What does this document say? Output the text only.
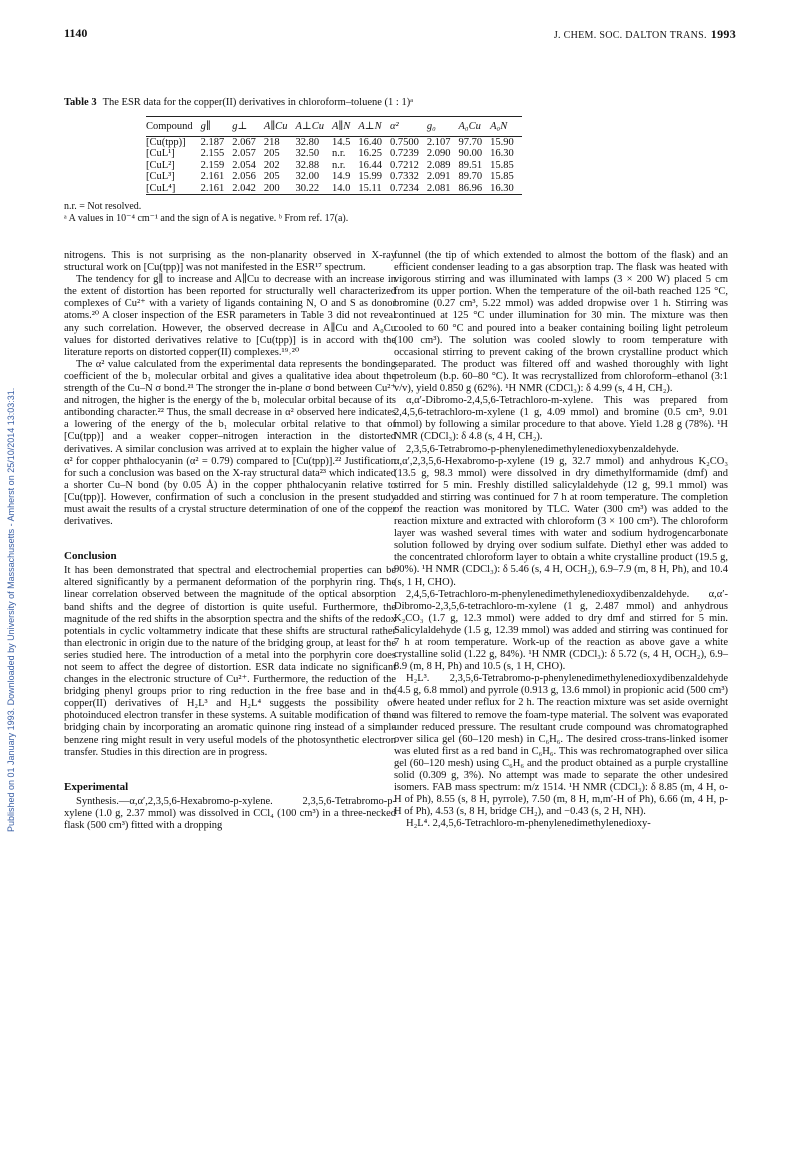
1140	J. CHEM. SOC. DALTON TRANS. 1993
Published on 01 January 1993. Downloaded by University of Massachusetts - Amherst on 25/10/2014 13:03:31.
Table 3 The ESR data for the copper(II) derivatives in chloroform–toluene (1 : 1)ᵃ
Compound	g∥	g⊥	A∥Cu	A⊥Cu	A∥N	A⊥N	α²	g₀	A₀Cu	A₀N
[Cu(tpp)]	2.187	2.067	218	32.80	14.5	16.40	0.7500	2.107	97.70	15.90
[CuL¹]	2.155	2.057	205	32.50	n.r.	16.25	0.7239	2.090	90.00	16.30
[CuL²]	2.159	2.054	202	32.88	n.r.	16.44	0.7212	2.089	89.51	15.85
[CuL³]	2.161	2.056	205	32.00	14.9	15.99	0.7332	2.091	89.70	15.85
[CuL⁴]	2.161	2.042	200	30.22	14.0	15.11	0.7234	2.081	86.96	16.30
n.r. = Not resolved.
ᵃ A values in 10⁻⁴ cm⁻¹ and the sign of A is negative. ᵇ From ref. 17(a).

nitrogens. This is not surprising as the non-planarity observed in X-ray structural work on [Cu(tpp)] was not manifested in the ESR¹⁷ spectrum.

The tendency for g∥ to increase and A∥Cu to decrease with an increase in the extent of distortion has been reported for structurally well characterized complexes of Cu²⁺ with a variety of ligands containing N, O and S as donor atoms.²⁰ A closer inspection of the ESR parameters in Table 3 did not reveal any such correlation. However, the observed decrease in A∥Cu and A₀Cu values for distorted derivatives relative to [Cu(tpp)] is in accord with the literature reports on distorted copper(II) complexes.¹⁹˒²⁰

The α² value calculated from the experimental data represents the bonding coefficient of the b₁ molecular orbital and gives a qualitative idea about the strength of the Cu–N σ bond.²¹ The stronger the in-plane σ bond between Cu²⁺ and nitrogen, the higher is the energy of the b₁ molecular orbital because of its antibonding character.²² Thus, the small decrease in α² observed here indicates a lowering of the energy of the b₁ molecular orbital relative to that of [Cu(tpp)] and a weaker copper–nitrogen interaction in the distorted derivatives. A similar conclusion was arrived at to explain the higher value of α² for copper phthalocyanin (α² = 0.79) compared to [Cu(tpp)].²² Justification for such a conclusion was based on the X-ray structural data²³ which indicated a shorter Cu–N bond (by 0.05 Å) in the copper phthalocyanin relative to [Cu(tpp)]. However, confirmation of such a conclusion in the present study must await the results of a crystal structure determination of one of the copper derivatives.

Conclusion

It has been demonstrated that spectral and electrochemial properties can be altered significantly by a permanent deformation of the porphyrin ring. The linear correlation observed between the magnitude of the optical absorption band shifts and the degree of distortion is quite useful. Furthermore, the magnitude of the red shifts in the absorption spectra and the shifts of the redox potentials in cyclic voltammetry indicate that these shifts are structural rather than electronic in origin due to the nature of the bridging group, at least for the series studied here. The introduction of a metal into the porphyrin core does not seem to affect the degree of distortion. ESR data indicate no significant changes in the electronic structure of Cu²⁺. Furthermore, the reduction of the bridging phenyl groups prior to ring reduction in the free base and in the copper(II) derivatives of H₂L³ and H₂L⁴ suggests the possibility of photoinduced electron transfer in these systems. A suitable modification of the bridging chain by incorporating an aromatic quinone ring instead of a simple benzene ring might result in very useful models of the photosynthetic electron transfer. Studies in this direction are in progress.

Experimental

Synthesis.—α,α′,2,3,5,6-Hexabromo-p-xylene. 2,3,5,6-Tetrabromo-p-xylene (1.0 g, 2.37 mmol) was dissolved in CCl₄ (100 cm³) in a three-necked flask (500 cm³) fitted with a dropping

funnel (the tip of which extended to almost the bottom of the flask) and an efficient condenser leading to a gas absorption trap. The flask was heated with vigorous stirring and was illuminated with lamps (3 × 200 W) placed 5 cm from its upper portion. When the temperature of the oil-bath reached 125 °C, bromine (0.27 cm³, 5.22 mmol) was added dropwise over 1 h. Stirring was continued at 125 °C under illumination for 30 min. The mixture was then cooled to 60 °C and poured into a beaker containing boiling light petroleum (100 cm³). The solution was cooled slowly to room temperature with occasional stirring to prevent caking of the brown crystalline product which separated. The product was filtered off and washed thoroughly with light petroleum (b.p. 60–80 °C). It was recrystallized from chloroform–ethanol (3:1 v/v), yield 0.850 g (62%). ¹H NMR (CDCl₃): δ 4.99 (s, 4 H, CH₂).

α,α′-Dibromo-2,4,5,6-Tetrachloro-m-xylene. This was prepared from 2,4,5,6-tetrachloro-m-xylene (1 g, 4.09 mmol) and bromine (0.5 cm³, 9.01 mmol) by following a similar procedure to that above. Yield 1.28 g (78%). ¹H NMR (CDCl₃): δ 4.8 (s, 4 H, CH₂).

2,3,5,6-Tetrabromo-p-phenylenedimethylenedioxybenzaldehyde. α,α′,2,3,5,6-Hexabromo-p-xylene (19 g, 32.7 mmol) and anhydrous K₂CO₃ (13.5 g, 98.3 mmol) were dissolved in dry dimethylformamide (dmf) and stirred for 5 min. Freshly distilled salicylaldehyde (12 g, 99.1 mmol) was added and stirring was continued for 7 h at room temperature. The completion of the reaction was monitored by TLC. Water (300 cm³) was added to the reaction mixture and extracted with chloroform (3 × 100 cm³). The chloroform layer was washed several times with water and sodium hydrogencarbonate solution followed by drying over sodium sulfate. Diethyl ether was added to the concentrated chloroform layer to obtain a white crystalline product (19.5 g, 90%). ¹H NMR (CDCl₃): δ 5.46 (s, 4 H, OCH₂), 6.9–7.9 (m, 8 H, Ph), and 10.4 (s, 1 H, CHO).

2,4,5,6-Tetrachloro-m-phenylenedimethylenedioxydibenzaldehyde. α,α′-Dibromo-2,3,5,6-tetrachloro-m-xylene (1 g, 2.487 mmol) and anhydrous K₂CO₃ (1.7 g, 12.3 mmol) were added to dry dmf and stirred for 5 min. Salicylaldehyde (1.5 g, 12.39 mmol) was added and stirring was continued for 7 h at room temperature. Work-up of the reaction as above gave a white crystalline solid (1.22 g, 84%). ¹H NMR (CDCl₃): δ 5.72 (s, 4 H, OCH₂), 6.9–8.9 (m, 8 H, Ph) and 10.5 (s, 1 H, CHO).

H₂L³. 2,3,5,6-Tetrabromo-p-phenylenedimethylenedioxydibenzaldehyde (4.5 g, 6.8 mmol) and pyrrole (0.913 g, 13.6 mmol) in propionic acid (500 cm³) were heated under reflux for 2 h. The reaction mixture was set aside overnight and was filtered to remove the foam-type material. The solvent was evaporated under reduced pressure. The resultant crude compound was chromatographed over silica gel (60–120 mesh) in C₆H₆. The desired cross-trans-linked isomer was eluted first as a red band in C₆H₆. This was rechromatographed over silica gel (60–120 mesh) using C₆H₆ and the product obtained as a purple crystalline solid (0.309 g, 3%). No attempt was made to separate the other undesired isomers. FAB mass spectrum: m/z 1514. ¹H NMR (CDCl₃): δ 8.85 (m, 4 H, o-H of Ph), 8.55 (s, 8 H, pyrrole), 7.50 (m, 8 H, m,m′-H of Ph), 6.66 (m, 4 H, p-H of Ph), 4.53 (s, 8 H, bridge CH₂), and −0.43 (s, 2 H, NH).

H₂L⁴. 2,4,5,6-Tetrachloro-m-phenylenedimethylenedioxy-
